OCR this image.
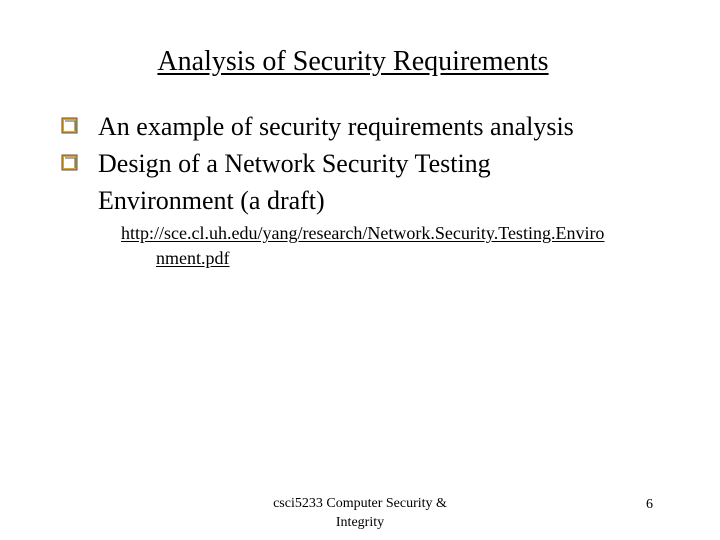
Analysis of Security Requirements
An example of security requirements analysis
Design of a Network Security Testing
Environment (a draft)
http://sce.cl.uh.edu/yang/research/Network.Security.Testing.Enviro
nment.pdf
csci5233 Computer Security &
Integrity
6
